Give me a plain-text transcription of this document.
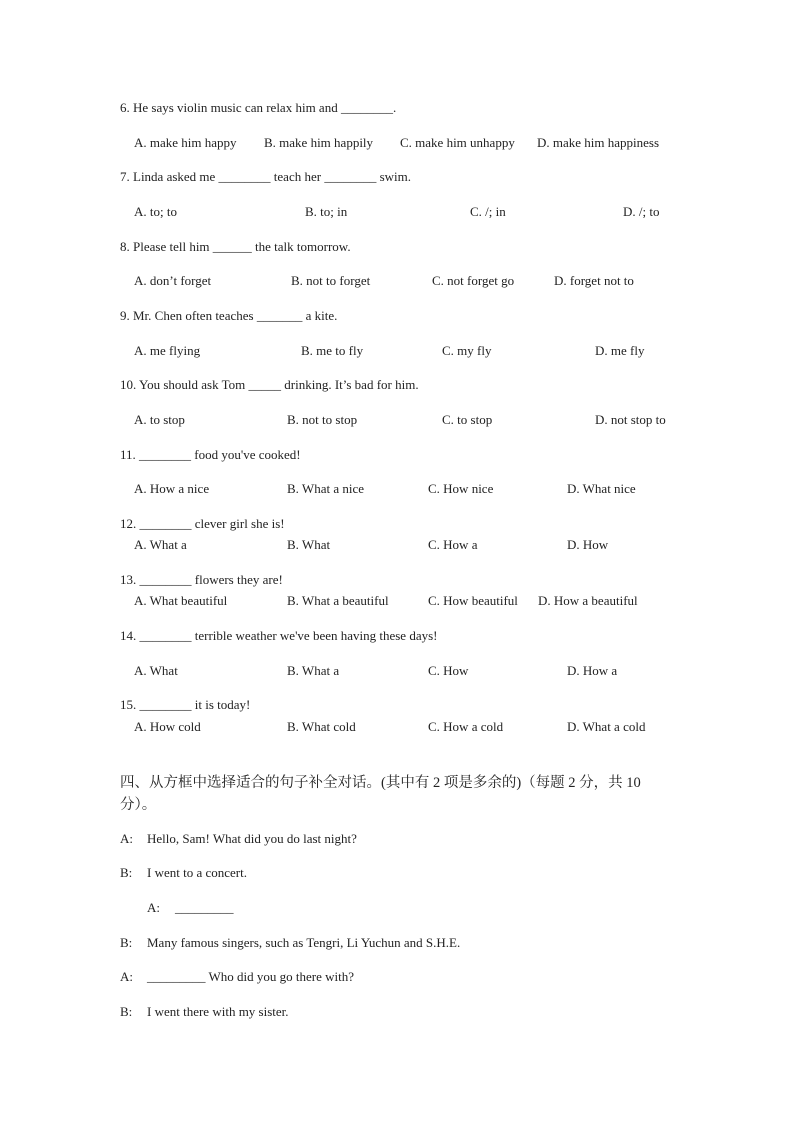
6. He says violin music can relax him and ________.
A. make him happy B. make him happily C. make him unhappy D. make him happiness
7. Linda asked me ________ teach her ________ swim.
A. to; to	B. to; in	C. /; in	D. /; to
8. Please tell him ______ the talk tomorrow.
A. don’t forget	B. not to forget	C. not forget go	D. forget not to
9. Mr. Chen often teaches _______ a kite.
A. me flying	B. me to fly	C. my fly	D. me fly
10. You should ask Tom _____ drinking. It’s bad for him.
A. to stop	B. not to stop	C. to stop	D. not stop to
11. ________ food you've cooked!
A. How a nice	B. What a nice	C. How nice	D. What nice
12. ________ clever girl she is!
A. What a	B. What	C. How a	D. How
13. ________ flowers they are!
A. What beautiful	B. What a beautiful	C. How beautiful D. How a beautiful
14. ________ terrible weather we've been having these days!
A. What	B. What a	C. How	D. How a
15. ________ it is today!
A. How cold	B. What cold	C. How a cold	D. What a cold
四、从方框中选择适合的句子补全对话。(其中有 2 项是多余的)（每题 2 分，共 10 分）。
A: Hello, Sam! What did you do last night?
B: I went to a concert.
A: _________
B: Many famous singers, such as Tengri, Li Yuchun and S.H.E.
A: _________ Who did you go there with?
B: I went there with my sister.
